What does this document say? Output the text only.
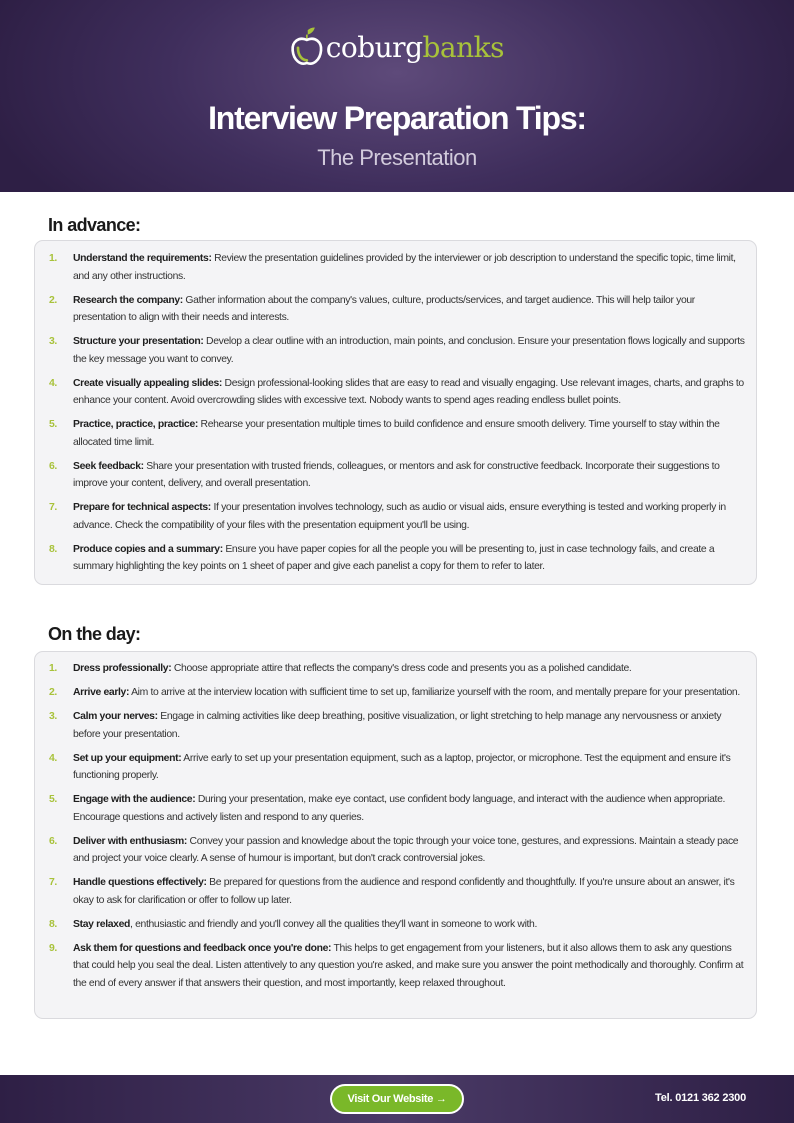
coburg banks
Interview Preparation Tips:
The Presentation
In advance:
1. Understand the requirements: Review the presentation guidelines provided by the interviewer or job description to understand the specific topic, time limit, and any other instructions.
2. Research the company: Gather information about the company's values, culture, products/services, and target audience. This will help tailor your presentation to align with their needs and interests.
3. Structure your presentation: Develop a clear outline with an introduction, main points, and conclusion. Ensure your presentation flows logically and supports the key message you want to convey.
4. Create visually appealing slides: Design professional-looking slides that are easy to read and visually engaging. Use relevant images, charts, and graphs to enhance your content. Avoid overcrowding slides with excessive text. Nobody wants to spend ages reading endless bullet points.
5. Practice, practice, practice: Rehearse your presentation multiple times to build confidence and ensure smooth delivery. Time yourself to stay within the allocated time limit.
6. Seek feedback: Share your presentation with trusted friends, colleagues, or mentors and ask for constructive feedback. Incorporate their suggestions to improve your content, delivery, and overall presentation.
7. Prepare for technical aspects: If your presentation involves technology, such as audio or visual aids, ensure everything is tested and working properly in advance. Check the compatibility of your files with the presentation equipment you'll be using.
8. Produce copies and a summary: Ensure you have paper copies for all the people you will be presenting to, just in case technology fails, and create a summary highlighting the key points on 1 sheet of paper and give each panelist a copy for them to refer to later.
On the day:
1. Dress professionally: Choose appropriate attire that reflects the company's dress code and presents you as a polished candidate.
2. Arrive early: Aim to arrive at the interview location with sufficient time to set up, familiarize yourself with the room, and mentally prepare for your presentation.
3. Calm your nerves: Engage in calming activities like deep breathing, positive visualization, or light stretching to help manage any nervousness or anxiety before your presentation.
4. Set up your equipment: Arrive early to set up your presentation equipment, such as a laptop, projector, or microphone. Test the equipment and ensure it's functioning properly.
5. Engage with the audience: During your presentation, make eye contact, use confident body language, and interact with the audience when appropriate. Encourage questions and actively listen and respond to any queries.
6. Deliver with enthusiasm: Convey your passion and knowledge about the topic through your voice tone, gestures, and expressions. Maintain a steady pace and project your voice clearly. A sense of humour is important, but don't crack controversial jokes.
7. Handle questions effectively: Be prepared for questions from the audience and respond confidently and thoughtfully. If you're unsure about an answer, it's okay to ask for clarification or offer to follow up later.
8. Stay relaxed, enthusiastic and friendly and you'll convey all the qualities they'll want in someone to work with.
9. Ask them for questions and feedback once you're done: This helps to get engagement from your listeners, but it also allows them to ask any questions that could help you seal the deal. Listen attentively to any question you're asked, and make sure you answer the point methodically and thoroughly. Confirm at the end of every answer if that answers their question, and most importantly, keep relaxed throughout.
Visit Our Website →	Tel. 0121 362 2300
